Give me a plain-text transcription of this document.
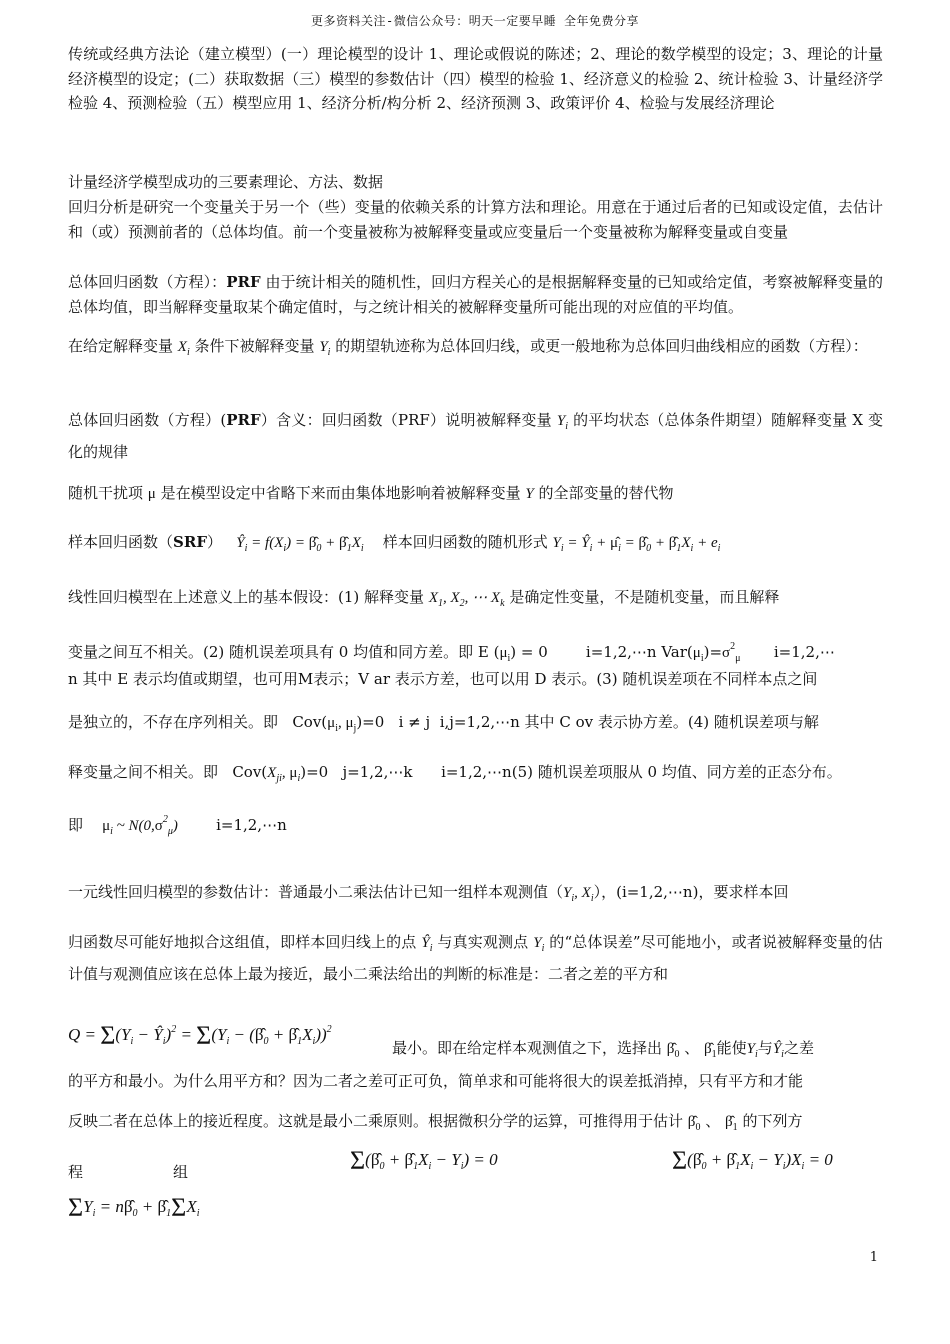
更多资料关注-微信公众号：明天一定要早睡 全年免费分享
传统或经典方法论（建立模型）(一）理论模型的设计 1、理论或假说的陈述；2、理论的数学模型的设定；3、理论的计量经济模型的设定；(二）获取数据（三）模型的参数估计（四）模型的检验 1、经济意义的检验 2、统计检验 3、计量经济学检验 4、预测检验（五）模型应用 1、经济分析/构分析 2、经济预测 3、政策评价 4、检验与发展经济理论
计量经济学模型成功的三要素理论、方法、数据
回归分析是研究一个变量关于另一个（些）变量的依赖关系的计算方法和理论。用意在于通过后者的已知或设定值，去估计和（或）预测前者的（总体均值。前一个变量被称为被解释变量或应变量后一个变量被称为解释变量或自变量
总体回归函数（方程）：PRF 由于统计相关的随机性，回归方程关心的是根据解释变量的已知或给定值，考察被解释变量的总体均值，即当解释变量取某个确定值时，与之统计相关的被解释变量所可能出现的对应值的平均值。
在给定解释变量 $X_i$ 条件下被解释变量 $Y_i$ 的期望轨迹称为总体回归线，或更一般地称为总体回归曲线相应的函数（方程）：
总体回归函数（方程）(PRF）含义：回归函数（PRF）说明被解释变量 $Y_i$ 的平均状态（总体条件期望）随解释变量 X 变化的规律
随机干扰项 μ 是在模型设定中省略下来而由集体地影响着被解释变量 Y 的全部变量的替代物
样本回归函数（SRF） $Ŷ_i = f(X_i)$ = $\betâ_0$ + $\betâ_1X_i$ 样本回归函数的随机形式 $Y_i$ = $Ŷ_i$ + $\mû_i$ = $\betâ_0$ + $\betâ_1X_i + e_i$
线性回归模型在上述意义上的基本假设：(1) 解释变量 $X_1$, $X_2$, ⋯ $X_k$ 是确定性变量，不是随机变量，而且解释
变量之间互不相关。(2) 随机误差项具有 0 均值和同方差。即 E $(\mu_i) = 0$	i=1,2,⋯n $Var(\mu_i)=\sigma^2_\mu$ i=1,2,⋯
n 其中 E 表示均值或期望，也可用M表示；V ar 表示方差，也可以用 D 表示。(3) 随机误差项在不同样本点之间
是独立的，不存在序列相关。即 $Cov(\mu_i$, $\mu_j)=0$ i ≠ j i,j=1,2,⋯n 其中 C ov 表示协方差。(4) 随机误差项与解
释变量之间不相关。即 $Cov(X_{ji}$, $\mu_i)=0$ j=1,2,⋯k i=1,2,⋯n(5) 随机误差项服从 0 均值、同方差的正态分布。
即 $\mu_i$ ~ $N(0,\sigma^2_\mu)$	i=1,2,⋯n
一元线性回归模型的参数估计：普通最小二乘法估计已知一组样本观测值（$Y_i$, $X_i$），(i=1,2,⋯n)，要求样本回
归函数尽可能好地拟合这组值，即样本回归线上的点 $Ŷ_i$ 与真实观测点 $Y_i$ 的“总体误差”尽可能地小，或者说被解释变量的估计值与观测值应该在总体上最为接近，最小二乘法给出的判断的标准是：二者之差的平方和
$Q = \Sigma(Y_i$ − $Ŷ_i)^2 = \Sigma(Y_i$ − ($\betâ_0$ + $\betâ_1X_i))^2$
最小。即在给定样本观测值之下，选择出 $\betâ_0$ 、 $\betâ_1$能使$Y_i$与$Ŷ_i$之差
的平方和最小。为什么用平方和？因为二者之差可正可负，简单求和可能将很大的误差抵消掉，只有平方和才能
反映二者在总体上的接近程度。这就是最小二乘原则。根据微积分学的运算，可推得用于估计 $\betâ_0$ 、 $\betâ_1$ 的下列方
程	组	$\Sigma(\betâ_0$ + $\betâ_1X_i - Y_i) = 0$	$\Sigma(\betâ_0$ + $\betâ_1X_i - Y_i)X_i = 0$
$\Sigma Y_i$ = $n\betâ_0$ + $\betâ_1\Sigma X_i$
1
